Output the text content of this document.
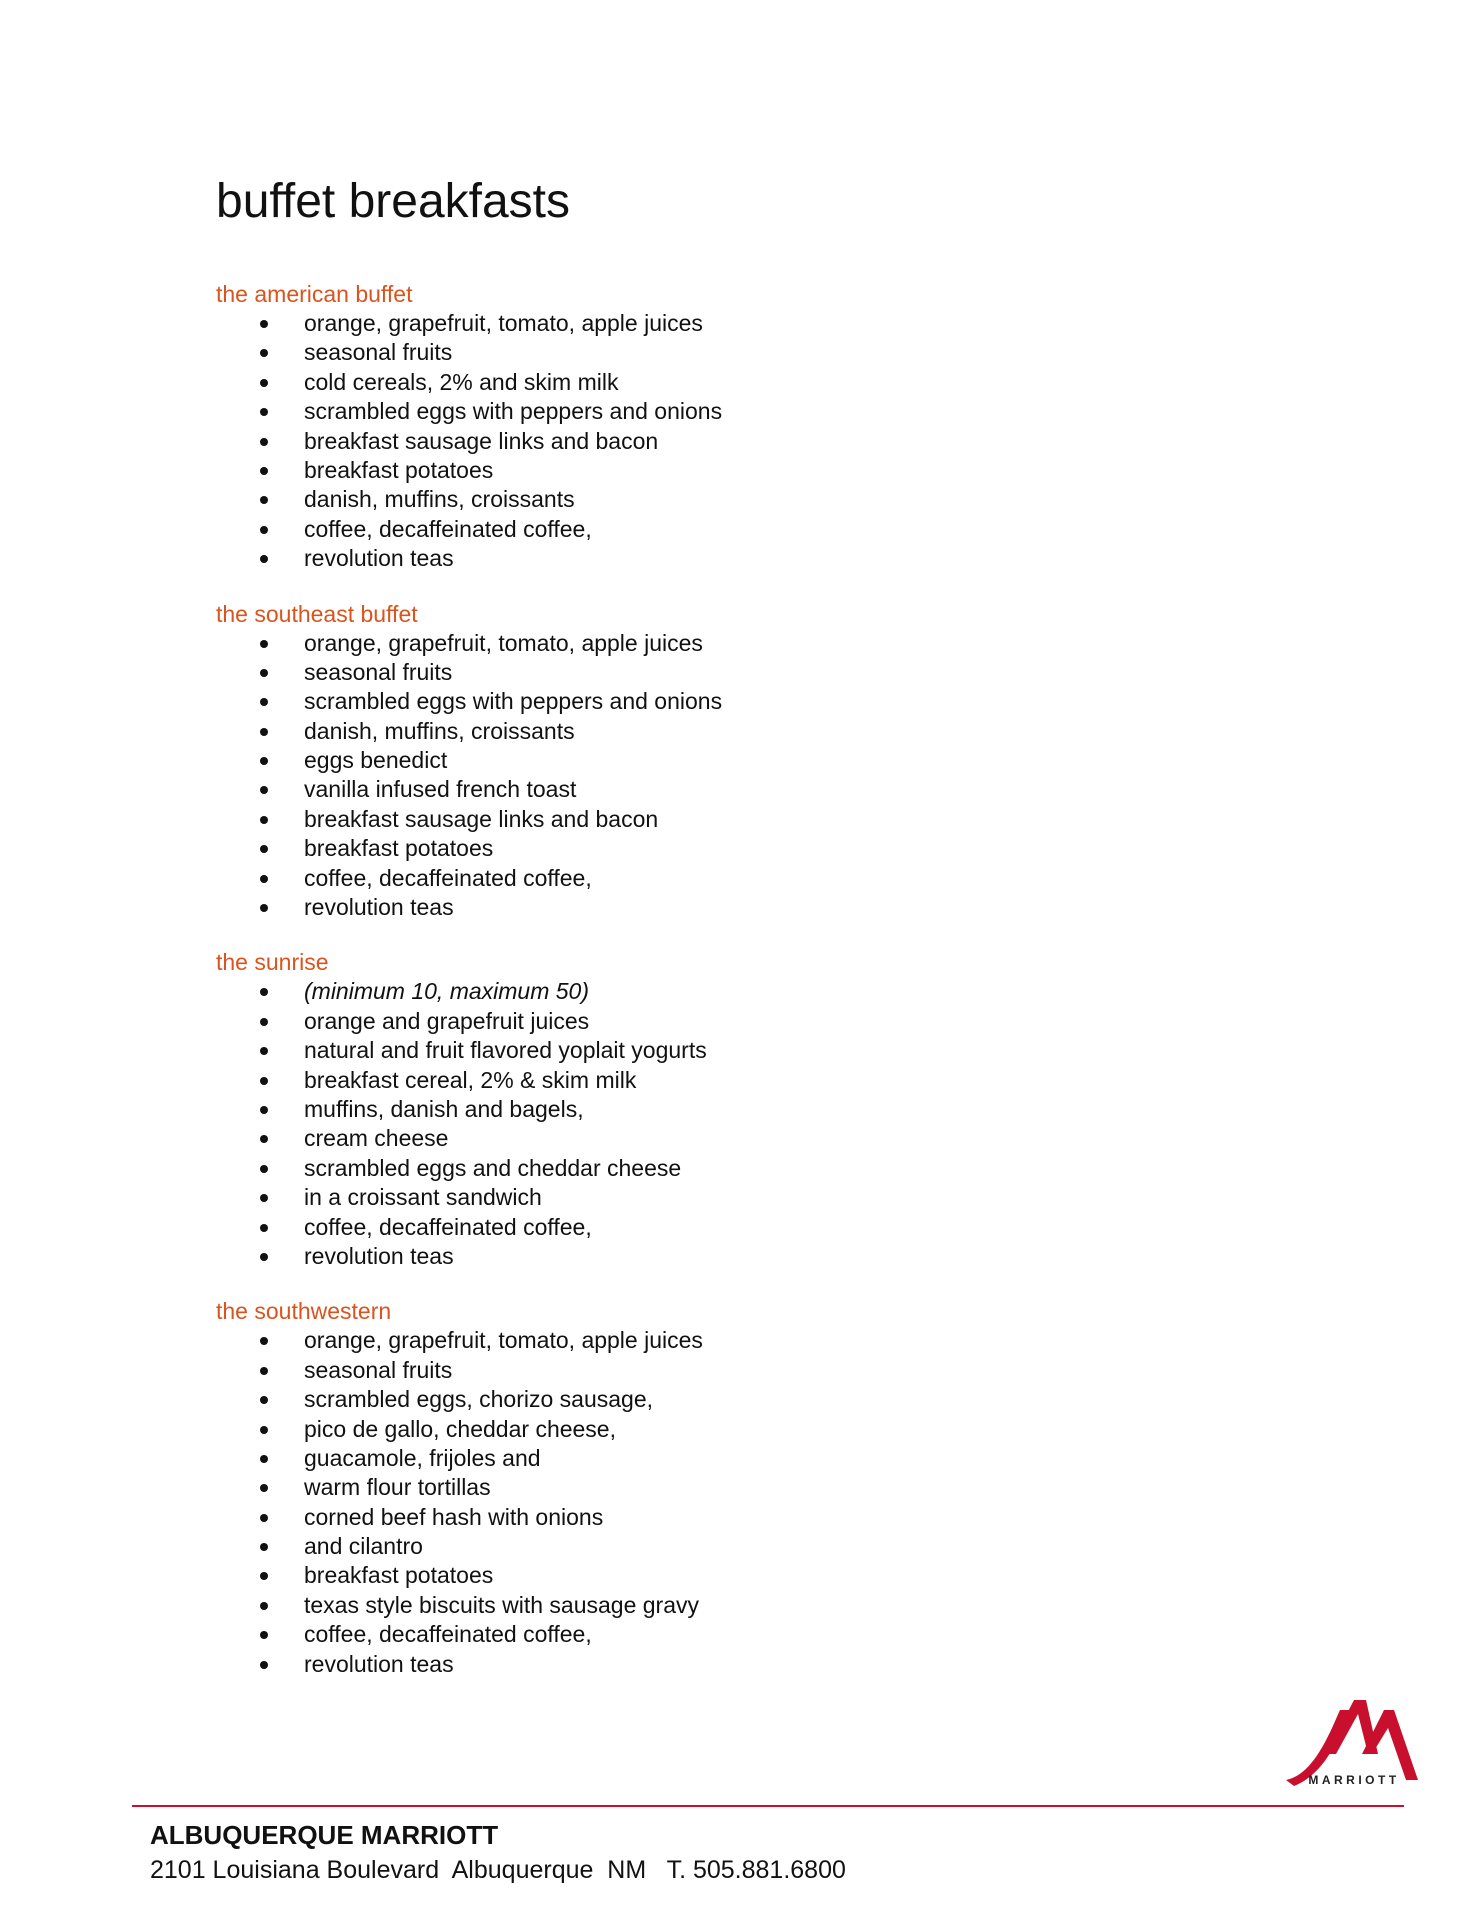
buffet breakfasts
the american buffet
orange, grapefruit, tomato, apple juices
seasonal fruits
cold cereals, 2% and skim milk
scrambled eggs with peppers and onions
breakfast sausage links and bacon
breakfast potatoes
danish, muffins, croissants
coffee, decaffeinated coffee,
revolution teas
the southeast buffet
orange, grapefruit, tomato, apple juices
seasonal fruits
scrambled eggs with peppers and onions
danish, muffins, croissants
eggs benedict
vanilla infused french toast
breakfast sausage links and bacon
breakfast potatoes
coffee, decaffeinated coffee,
revolution teas
the sunrise
(minimum 10, maximum 50)
orange and grapefruit juices
natural and fruit flavored yoplait yogurts
breakfast cereal, 2% & skim milk
muffins, danish and bagels,
cream cheese
scrambled eggs and cheddar cheese
in a croissant sandwich
coffee, decaffeinated coffee,
revolution teas
the southwestern
orange, grapefruit, tomato, apple juices
seasonal fruits
scrambled eggs, chorizo sausage,
pico de gallo, cheddar cheese,
guacamole, frijoles and
warm flour tortillas
corned beef hash with onions
and cilantro
breakfast potatoes
texas style biscuits with sausage gravy
coffee, decaffeinated coffee,
revolution teas
MARRIOTT
ALBUQUERQUE MARRIOTT
2101 Louisiana Boulevard  Albuquerque  NM   T. 505.881.6800
